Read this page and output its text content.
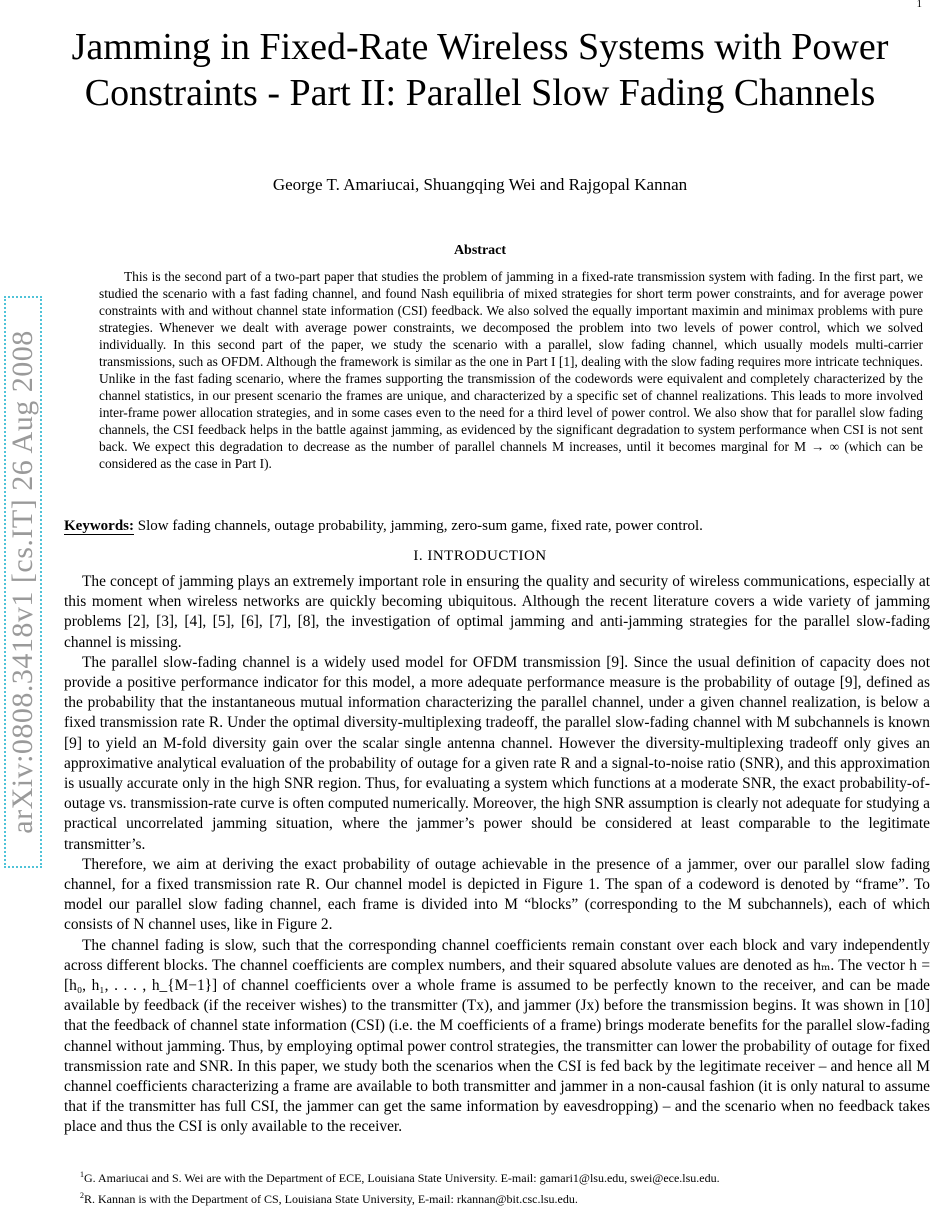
1
arXiv:0808.3418v1 [cs.IT] 26 Aug 2008
Jamming in Fixed-Rate Wireless Systems with Power Constraints - Part II: Parallel Slow Fading Channels
George T. Amariucai, Shuangqing Wei and Rajgopal Kannan
Abstract

This is the second part of a two-part paper that studies the problem of jamming in a fixed-rate transmission system with fading. In the first part, we studied the scenario with a fast fading channel, and found Nash equilibria of mixed strategies for short term power constraints, and for average power constraints with and without channel state information (CSI) feedback. We also solved the equally important maximin and minimax problems with pure strategies. Whenever we dealt with average power constraints, we decomposed the problem into two levels of power control, which we solved individually. In this second part of the paper, we study the scenario with a parallel, slow fading channel, which usually models multi-carrier transmissions, such as OFDM. Although the framework is similar as the one in Part I [1], dealing with the slow fading requires more intricate techniques. Unlike in the fast fading scenario, where the frames supporting the transmission of the codewords were equivalent and completely characterized by the channel statistics, in our present scenario the frames are unique, and characterized by a specific set of channel realizations. This leads to more involved inter-frame power allocation strategies, and in some cases even to the need for a third level of power control. We also show that for parallel slow fading channels, the CSI feedback helps in the battle against jamming, as evidenced by the significant degradation to system performance when CSI is not sent back. We expect this degradation to decrease as the number of parallel channels M increases, until it becomes marginal for M → ∞ (which can be considered as the case in Part I).

Keywords: Slow fading channels, outage probability, jamming, zero-sum game, fixed rate, power control.
I. INTRODUCTION

The concept of jamming plays an extremely important role in ensuring the quality and security of wireless communications, especially at this moment when wireless networks are quickly becoming ubiquitous. Although the recent literature covers a wide variety of jamming problems [2], [3], [4], [5], [6], [7], [8], the investigation of optimal jamming and anti-jamming strategies for the parallel slow-fading channel is missing.

The parallel slow-fading channel is a widely used model for OFDM transmission [9]. Since the usual definition of capacity does not provide a positive performance indicator for this model, a more adequate performance measure is the probability of outage [9], defined as the probability that the instantaneous mutual information characterizing the parallel channel, under a given channel realization, is below a fixed transmission rate R. Under the optimal diversity-multiplexing tradeoff, the parallel slow-fading channel with M subchannels is known [9] to yield an M-fold diversity gain over the scalar single antenna channel. However the diversity-multiplexing tradeoff only gives an approximative analytical evaluation of the probability of outage for a given rate R and a signal-to-noise ratio (SNR), and this approximation is usually accurate only in the high SNR region. Thus, for evaluating a system which functions at a moderate SNR, the exact probability-of-outage vs. transmission-rate curve is often computed numerically. Moreover, the high SNR assumption is clearly not adequate for studying a practical uncorrelated jamming situation, where the jammer’s power should be considered at least comparable to the legitimate transmitter’s.

Therefore, we aim at deriving the exact probability of outage achievable in the presence of a jammer, over our parallel slow fading channel, for a fixed transmission rate R. Our channel model is depicted in Figure 1. The span of a codeword is denoted by “frame”. To model our parallel slow fading channel, each frame is divided into M “blocks” (corresponding to the M subchannels), each of which consists of N channel uses, like in Figure 2.

The channel fading is slow, such that the corresponding channel coefficients remain constant over each block and vary independently across different blocks. The channel coefficients are complex numbers, and their squared absolute values are denoted as hₘ. The vector h = [h₀, h₁, . . . , h_{M−1}] of channel coefficients over a whole frame is assumed to be perfectly known to the receiver, and can be made available by feedback (if the receiver wishes) to the transmitter (Tx), and jammer (Jx) before the transmission begins. It was shown in [10] that the feedback of channel state information (CSI) (i.e. the M coefficients of a frame) brings moderate benefits for the parallel slow-fading channel without jamming. Thus, by employing optimal power control strategies, the transmitter can lower the probability of outage for fixed transmission rate and SNR. In this paper, we study both the scenarios when the CSI is fed back by the legitimate receiver – and hence all M channel coefficients characterizing a frame are available to both transmitter and jammer in a non-causal fashion (it is only natural to assume that if the transmitter has full CSI, the jammer can get the same information by eavesdropping) – and the scenario when no feedback takes place and thus the CSI is only available to the receiver.

$^1$G. Amariucai and S. Wei are with the Department of ECE, Louisiana State University. E-mail: gamari1@lsu.edu, swei@ece.lsu.edu.
$^2$R. Kannan is with the Department of CS, Louisiana State University, E-mail: rkannan@bit.csc.lsu.edu.
